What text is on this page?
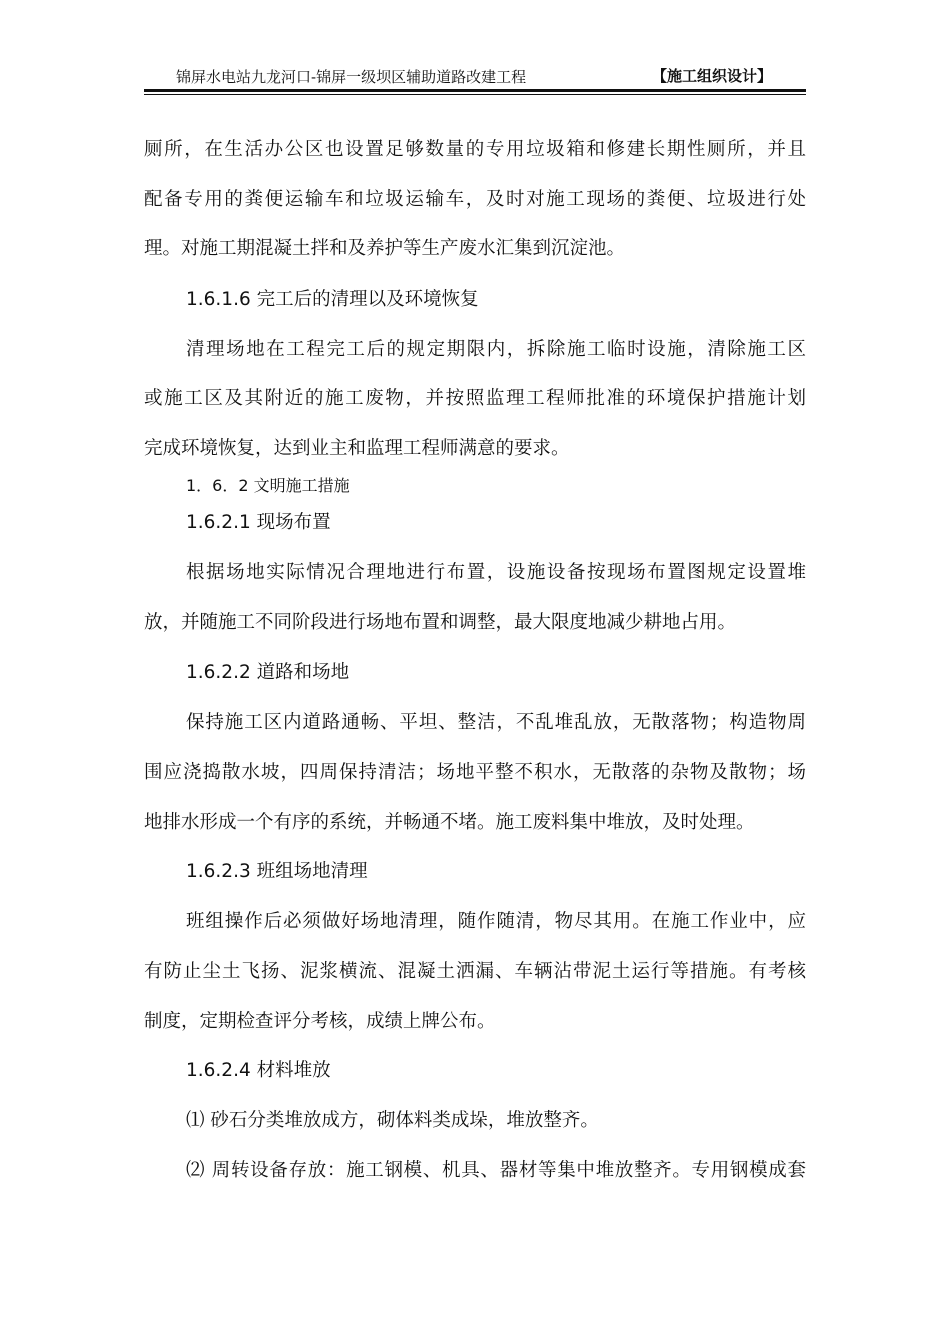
锦屏水电站九龙河口-锦屏一级坝区辅助道路改建工程	【施工组织设计】
厕所，在生活办公区也设置足够数量的专用垃圾箱和修建长期性厕所，并且
配备专用的粪便运输车和垃圾运输车，及时对施工现场的粪便、垃圾进行处
理。对施工期混凝土拌和及养护等生产废水汇集到沉淀池。
1.6.1.6 完工后的清理以及环境恢复
清理场地在工程完工后的规定期限内，拆除施工临时设施，清除施工区
或施工区及其附近的施工废物，并按照监理工程师批准的环境保护措施计划
完成环境恢复，达到业主和监理工程师满意的要求。
1．6．2 文明施工措施
1.6.2.1 现场布置
根据场地实际情况合理地进行布置，设施设备按现场布置图规定设置堆
放，并随施工不同阶段进行场地布置和调整，最大限度地减少耕地占用。
1.6.2.2 道路和场地
保持施工区内道路通畅、平坦、整洁，不乱堆乱放，无散落物；构造物周
围应浇捣散水坡，四周保持清洁；场地平整不积水，无散落的杂物及散物；场
地排水形成一个有序的系统，并畅通不堵。施工废料集中堆放，及时处理。
1.6.2.3 班组场地清理
班组操作后必须做好场地清理，随作随清，物尽其用。在施工作业中，应
有防止尘土飞扬、泥浆横流、混凝土洒漏、车辆沾带泥土运行等措施。有考核
制度，定期检查评分考核，成绩上牌公布。
1.6.2.4 材料堆放
⑴ 砂石分类堆放成方，砌体料类成垛，堆放整齐。
⑵ 周转设备存放：施工钢模、机具、器材等集中堆放整齐。专用钢模成套
